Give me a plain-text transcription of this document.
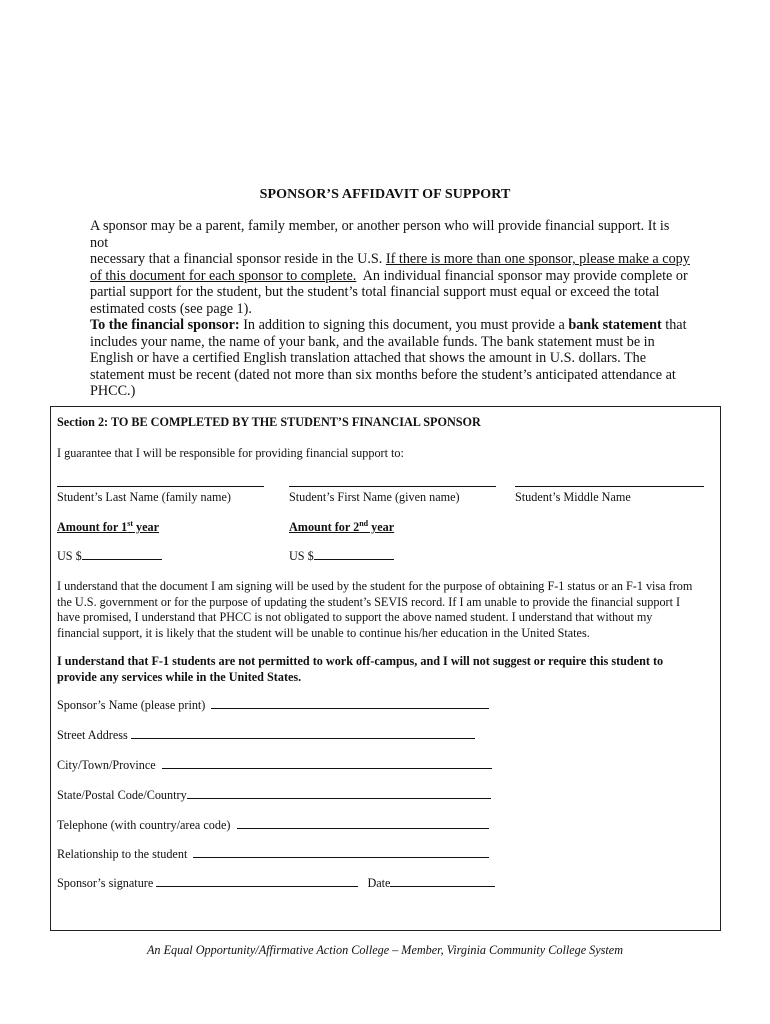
SPONSOR’S AFFIDAVIT OF SUPPORT
A sponsor may be a parent, family member, or another person who will provide financial support. It is not
necessary that a financial sponsor reside in the U.S. If there is more than one sponsor, please make a copy
of this document for each sponsor to complete. An individual financial sponsor may provide complete or
partial support for the student, but the student’s total financial support must equal or exceed the total
estimated costs (see page 1).
To the financial sponsor: In addition to signing this document, you must provide a bank statement that
includes your name, the name of your bank, and the available funds. The bank statement must be in
English or have a certified English translation attached that shows the amount in U.S. dollars. The
statement must be recent (dated not more than six months before the student’s anticipated attendance at
PHCC.)
Section 2: TO BE COMPLETED BY THE STUDENT’S FINANCIAL SPONSOR
I guarantee that I will be responsible for providing financial support to:
Student’s Last Name (family name)	Student’s First Name (given name)	Student’s Middle Name
Amount for 1st year	Amount for 2nd year
US $	US $
I understand that the document I am signing will be used by the student for the purpose of obtaining F-1 status or an F-1 visa from
the U.S. government or for the purpose of updating the student’s SEVIS record. If I am unable to provide the financial support I
have promised, I understand that PHCC is not obligated to support the above named student. I understand that without my
financial support, it is likely that the student will be unable to continue his/her education in the United States.
I understand that F-1 students are not permitted to work off-campus, and I will not suggest or require this student to
provide any services while in the United States.
Sponsor’s Name (please print)
Street Address
City/Town/Province
State/Postal Code/Country
Telephone (with country/area code)
Relationship to the student
Sponsor’s signature	Date
An Equal Opportunity/Affirmative Action College – Member, Virginia Community College System
